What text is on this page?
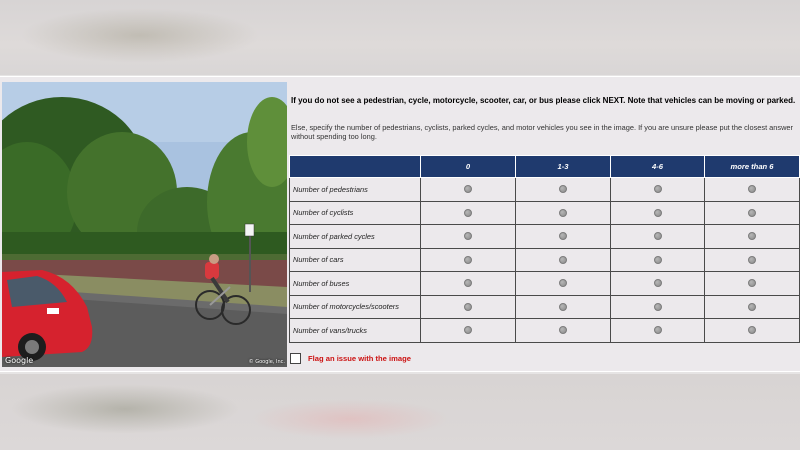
Google	© Google, Inc.
If you do not see a pedestrian, cycle, motorcycle, scooter, car, or bus please click NEXT. Note that vehicles can be moving or parked.
Else, specify the number of pedestrians, cyclists, parked cycles, and motor vehicles you see in the image. If you are unsure please put the closest answer without spending too long.
	0	1-3	4-6	more than 6
Number of pedestrians				
Number of cyclists				
Number of parked cycles				
Number of cars				
Number of buses				
Number of motorcycles/scooters				
Number of vans/trucks				
Flag an issue with the image
